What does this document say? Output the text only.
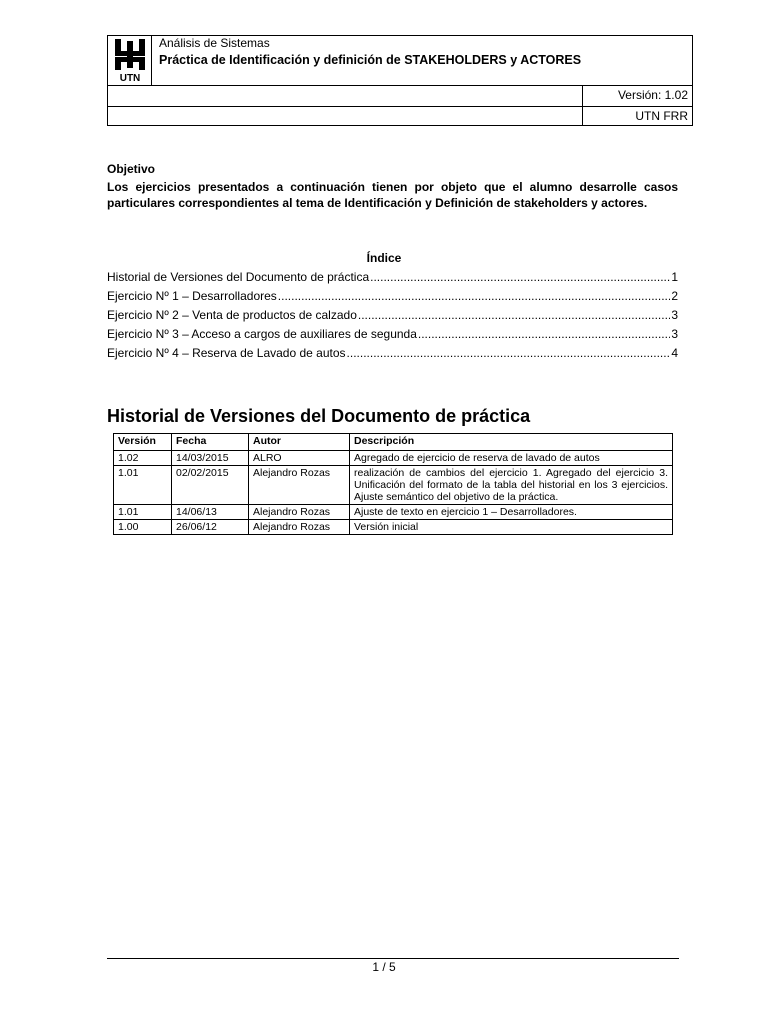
UTN
Análisis de Sistemas
Práctica de Identificación y definición de STAKEHOLDERS y ACTORES
Versión: 1.02
UTN FRR
Objetivo
Los ejercicios presentados a continuación tienen por objeto que el alumno desarrolle casos particulares correspondientes al tema de Identificación y Definición de stakeholders y actores.
Índice
Historial de Versiones del Documento de práctica .....	1
Ejercicio Nº 1 – Desarrolladores .....	2
Ejercicio Nº 2 – Venta de productos de calzado .....	3
Ejercicio Nº 3 – Acceso a cargos de auxiliares de segunda .....	3
Ejercicio Nº 4 – Reserva de Lavado de autos .....	4
Historial de Versiones del Documento de práctica
Versión	Fecha	Autor	Descripción
1.02	14/03/2015	ALRO	Agregado de ejercicio de reserva de lavado de autos
1.01	02/02/2015	Alejandro Rozas	realización de cambios del ejercicio 1. Agregado del ejercicio 3. Unificación del formato de la tabla del historial en los 3 ejercicios. Ajuste semántico del objetivo de la práctica.
1.01	14/06/13	Alejandro Rozas	Ajuste de texto en ejercicio 1 – Desarrolladores.
1.00	26/06/12	Alejandro Rozas	Versión inicial
1 / 5
